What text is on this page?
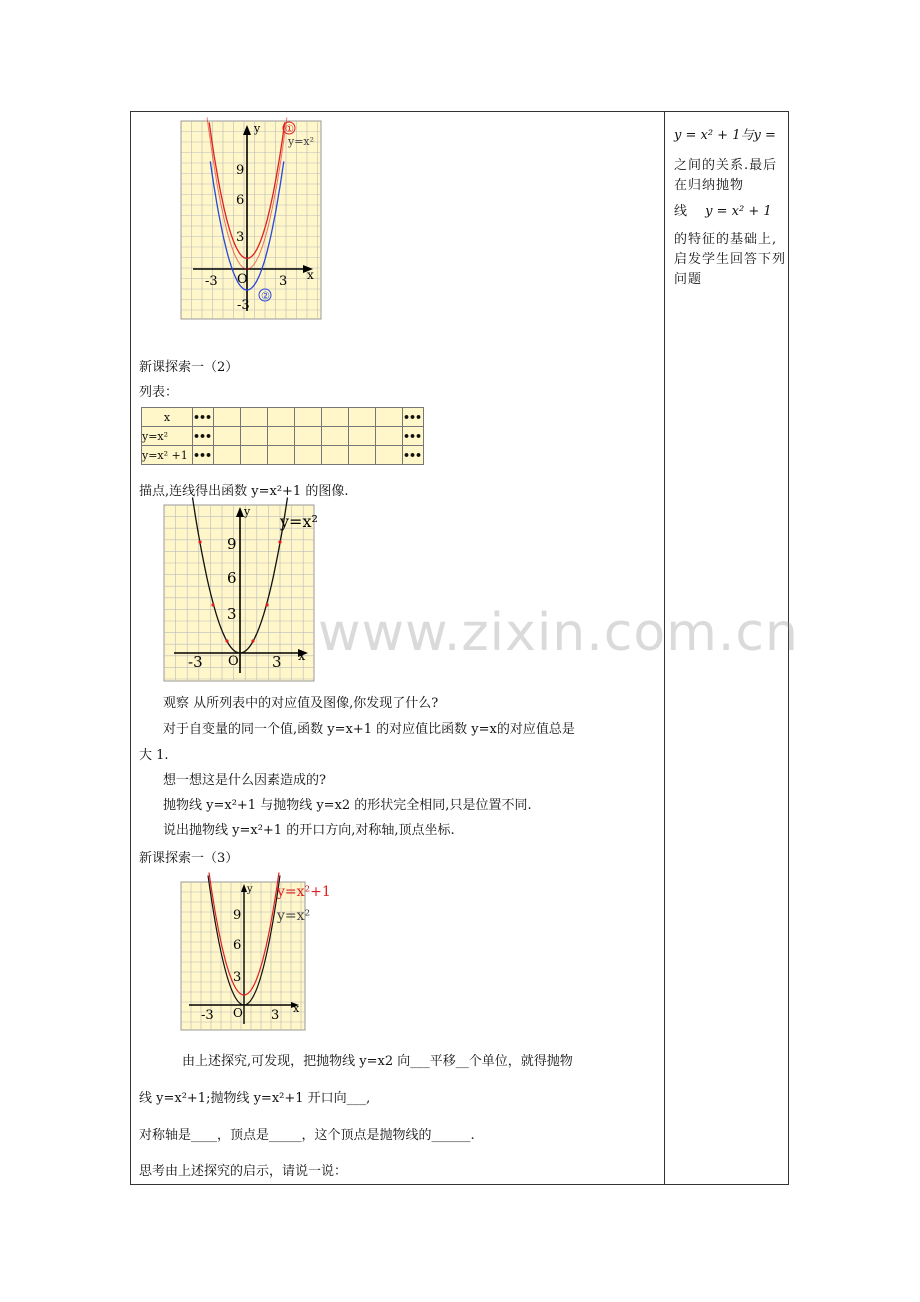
y = x² + 1与y =
之间的关系.最后在归纳抛物
线 y = x² + 1
的特征的基础上,启发学生回答下列问题
y
y=x²
x
9
6
3
-3 O 3
-3
①
②
新课探索一（2）
列表：
x	•••								•••
y=x²	•••								•••
y=x² +1	•••								•••
描点,连线得出函数 y=x²+1 的图像.
y
y=x²
9
6
3
-3 O 3 x www.zixin.com.cn
观察 从所列表中的对应值及图像,你发现了什么?
对于自变量的同一个值,函数 y=x+1 的对应值比函数 y=x的对应值总是
大 1.
想一想这是什么因素造成的?
抛物线 y=x²+1 与抛物线 y=x2 的形状完全相同,只是位置不同.
说出抛物线 y=x²+1 的开口方向,对称轴,顶点坐标.
新课探索一（3）
y y=x²+1
y=x²
9
6
3
-3 O 3 x
由上述探究,可发现，把抛物线 y=x2 向___平移__个单位，就得抛物
线 y=x²+1;抛物线 y=x²+1 开口向___,
对称轴是____，顶点是_____，这个顶点是抛物线的______.
思考由上述探究的启示，请说一说：
